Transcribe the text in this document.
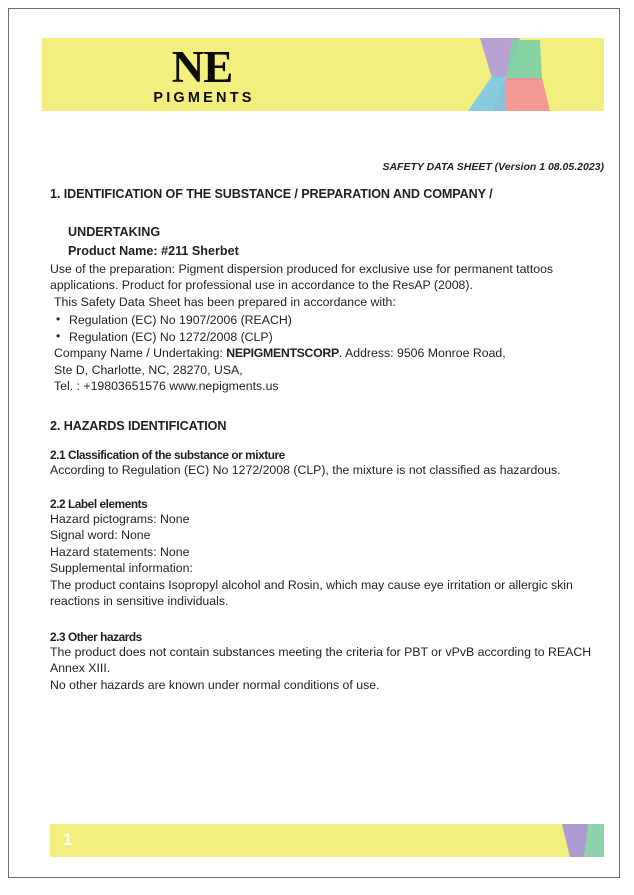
NE
PIGMENTS
SAFETY DATA SHEET (Version 1 08.05.2023)

1. IDENTIFICATION OF THE SUBSTANCE / PREPARATION AND COMPANY /

UNDERTAKING

Product Name: #211 Sherbet

Use of the preparation: Pigment dispersion produced for exclusive use for permanent tattoos applications. Product for professional use in accordance to the ResAP (2008).

This Safety Data Sheet has been prepared in accordance with:

• Regulation (EC) No 1907/2006 (REACH)
• Regulation (EC) No 1272/2008 (CLP)

Company Name / Undertaking: NEPIGMENTSCORP. Address: 9506 Monroe Road,

Ste D, Charlotte, NC, 28270, USA,

Tel. : +19803651576 www.nepigments.us

2. HAZARDS IDENTIFICATION

2.1 Classification of the substance or mixture

According to Regulation (EC) No 1272/2008 (CLP), the mixture is not classified as hazardous.

2.2 Label elements

Hazard pictograms: None

Signal word: None

Hazard statements: None

Supplemental information:

The product contains Isopropyl alcohol and Rosin, which may cause eye irritation or allergic skin reactions in sensitive individuals.

2.3 Other hazards

The product does not contain substances meeting the criteria for PBT or vPvB according to REACH Annex XIII.

No other hazards are known under normal conditions of use.

1
